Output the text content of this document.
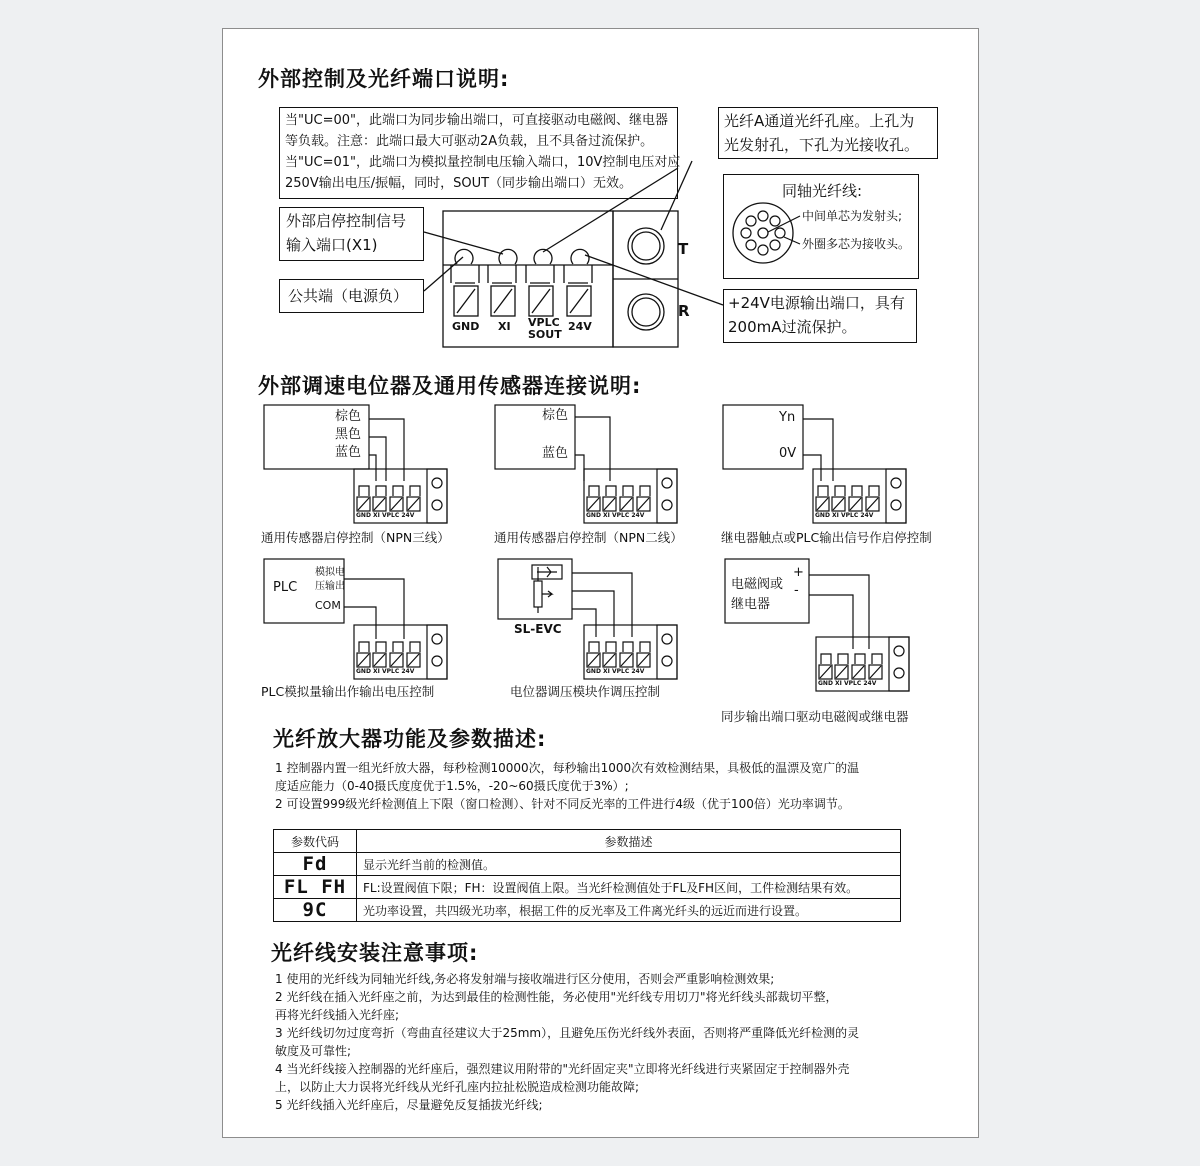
外部控制及光纤端口说明:
当"UC=00"，此端口为同步输出端口，可直接驱动电磁阀、继电器
等负载。注意：此端口最大可驱动2A负载，且不具备过流保护。
当"UC=01"，此端口为模拟量控制电压输入端口，10V控制电压对应
250V输出电压/振幅，同时，SOUT（同步输出端口）无效。
光纤A通道光纤孔座。上孔为
光发射孔，下孔为光接收孔。
外部启停控制信号
输入端口(X1)
公共端（电源负）	+24V电源输出端口，具有
200mA过流保护。
同轴光纤线:
中间单芯为发射头;
外圈多芯为接收头。
GND XI VPLC
SOUT
24V
T
R
外部调速电位器及通用传感器连接说明:
棕色
黑色
蓝色
GND XI VPLC 24V
通用传感器启停控制（NPN三线）
棕色
蓝色
GND XI VPLC 24V
通用传感器启停控制（NPN二线）
Yn
0V
GND XI VPLC 24V
继电器触点或PLC输出信号作启停控制
PLC
模拟电
压输出
COM
GND XI VPLC 24V
PLC模拟量输出作输出电压控制
SL-EVC
GND XI VPLC 24V
电位器调压模块作调压控制
电磁阀或
继电器
+
-
GND XI VPLC 24V
同步输出端口驱动电磁阀或继电器
光纤放大器功能及参数描述:
1 控制器内置一组光纤放大器，每秒检测10000次，每秒输出1000次有效检测结果，具极低的温漂及宽广的温
度适应能力（0-40摄氏度度优于1.5%，-20~60摄氏度优于3%）;
2 可设置999级光纤检测值上下限（窗口检测）、针对不同反光率的工件进行4级（优于100倍）光功率调节。
参数代码	参数描述
Fd	显示光纤当前的检测值。
FL FH	FL:设置阀值下限；FH：设置阀值上限。当光纤检测值处于FL及FH区间，工件检测结果有效。
9C	光功率设置，共四级光功率，根据工件的反光率及工件离光纤头的远近而进行设置。
光纤线安装注意事项:
1 使用的光纤线为同轴光纤线,务必将发射端与接收端进行区分使用，否则会严重影响检测效果;
2 光纤线在插入光纤座之前，为达到最佳的检测性能，务必使用"光纤线专用切刀"将光纤线头部裁切平整，
再将光纤线插入光纤座;
3 光纤线切勿过度弯折（弯曲直径建议大于25mm），且避免压伤光纤线外表面，否则将严重降低光纤检测的灵
敏度及可靠性;
4 当光纤线接入控制器的光纤座后，强烈建议用附带的"光纤固定夹"立即将光纤线进行夹紧固定于控制器外壳
上，以防止大力误将光纤线从光纤孔座内拉扯松脱造成检测功能故障;
5 光纤线插入光纤座后，尽量避免反复插拔光纤线;
